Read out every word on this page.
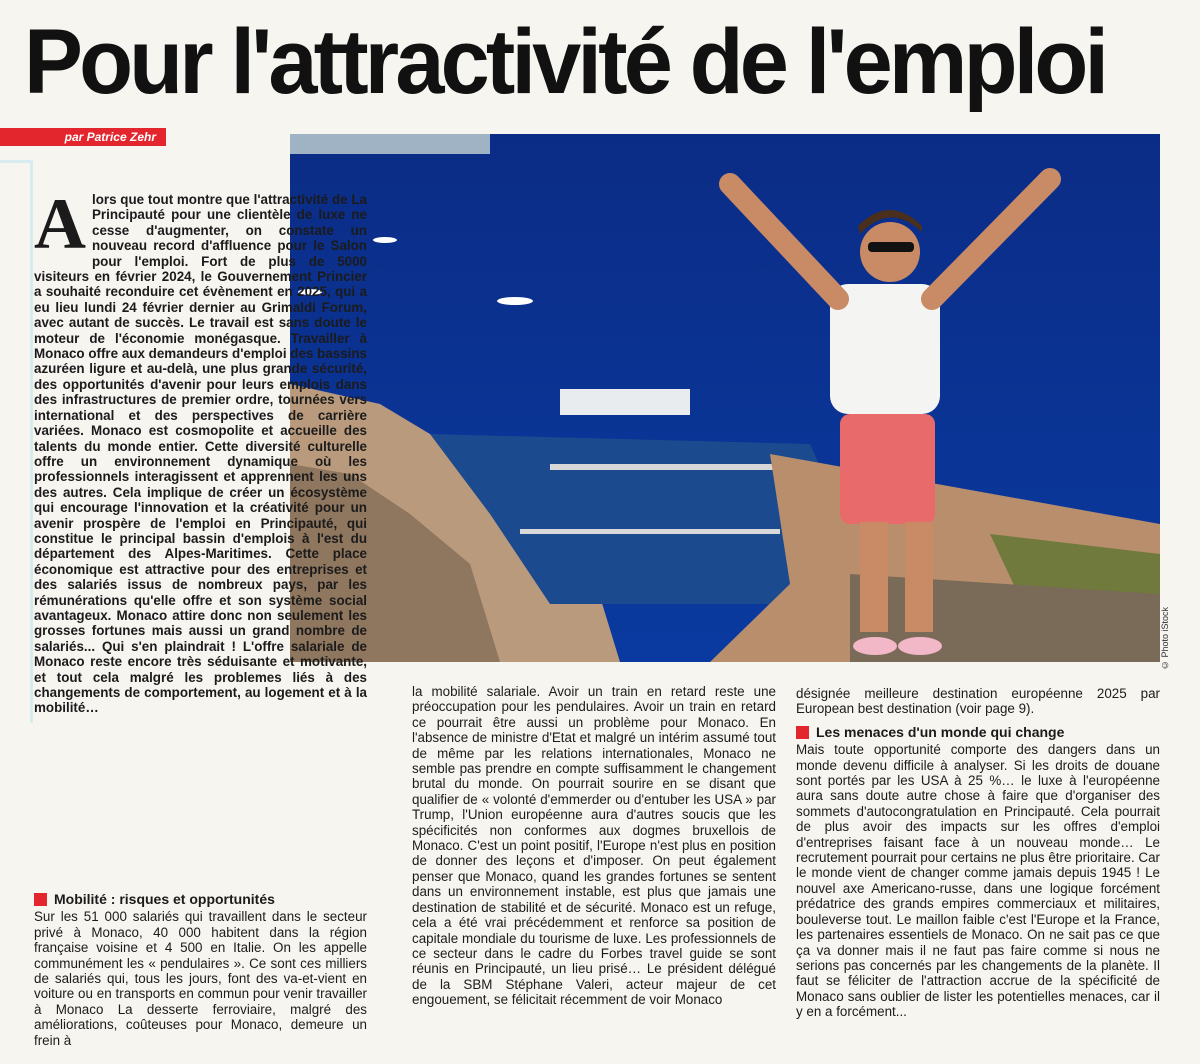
Pour l'attractivité de l'emploi
par Patrice Zehr
© Photo iStock
A lors que tout montre que l'attractivité de La Principauté pour une clientèle de luxe ne cesse d'augmenter, on constate un nouveau record d'affluence pour le Salon pour l'emploi. Fort de plus de 5000 visiteurs en février 2024, le Gouvernement Princier a souhaité reconduire cet évènement en 2025, qui a eu lieu lundi 24 février dernier au Grimaldi Forum, avec autant de succès. Le travail est sans doute le moteur de l'économie monégasque. Travailler à Monaco offre aux demandeurs d'emploi des bassins azuréen ligure et au-delà, une plus grande sécurité, des opportunités d'avenir pour leurs emplois dans des infrastructures de premier ordre, tournées vers international et des perspectives de carrière variées. Monaco est cosmopolite et accueille des talents du monde entier. Cette diversité culturelle offre un environnement dynamique où les professionnels interagissent et apprennent les uns des autres. Cela implique de créer un écosystème qui encourage l'innovation et la créativité pour un avenir prospère de l'emploi en Principauté, qui constitue le principal bassin d'emplois à l'est du département des Alpes-Maritimes. Cette place économique est attractive pour des entreprises et des salariés issus de nombreux pays, par les rémunérations qu'elle offre et son système social avantageux. Monaco attire donc non seulement les grosses fortunes mais aussi un grand nombre de salariés... Qui s'en plaindrait ! L'offre salariale de Monaco reste encore très séduisante et motivante, et tout cela malgré les problemes liés à des changements de comportement, au logement et à la mobilité…

Mobilité : risques et opportunités

Sur les 51 000 salariés qui travaillent dans le secteur privé à Monaco, 40 000 habitent dans la région française voisine et 4 500 en Italie. On les appelle communément les « pendulaires ». Ce sont ces milliers de salariés qui, tous les jours, font des va-et-vient en voiture ou en transports en commun pour venir travailler à Monaco La desserte ferroviaire, malgré des améliorations, coûteuses pour Monaco, demeure un frein à

la mobilité salariale. Avoir un train en retard reste une préoccupation pour les pendulaires. Avoir un train en retard ce pourrait être aussi un problème pour Monaco. En l'absence de ministre d'Etat et malgré un intérim assumé tout de même par les relations internationales, Monaco ne semble pas prendre en compte suffisamment le changement brutal du monde. On pourrait sourire en se disant que qualifier de « volonté d'emmerder ou d'entuber les USA » par Trump, l'Union européenne aura d'autres soucis que les spécificités non conformes aux dogmes bruxellois de Monaco. C'est un point positif, l'Europe n'est plus en position de donner des leçons et d'imposer. On peut également penser que Monaco, quand les grandes fortunes se sentent dans un environnement instable, est plus que jamais une destination de stabilité et de sécurité. Monaco est un refuge, cela a été vrai précédemment et renforce sa position de capitale mondiale du tourisme de luxe. Les professionnels de ce secteur dans le cadre du Forbes travel guide se sont réunis en Principauté, un lieu prisé… Le président délégué de la SBM Stéphane Valeri, acteur majeur de cet engouement, se félicitait récemment de voir Monaco

désignée meilleure destination européenne 2025 par European best destination (voir page 9).

Les menaces d'un monde qui change

Mais toute opportunité comporte des dangers dans un monde devenu difficile à analyser. Si les droits de douane sont portés par les USA à 25 %… le luxe à l'européenne aura sans doute autre chose à faire que d'organiser des sommets d'autocongratulation en Principauté. Cela pourrait de plus avoir des impacts sur les offres d'emploi d'entreprises faisant face à un nouveau monde… Le recrutement pourrait pour certains ne plus être prioritaire. Car le monde vient de changer comme jamais depuis 1945 ! Le nouvel axe Americano-russe, dans une logique forcément prédatrice des grands empires commerciaux et militaires, bouleverse tout. Le maillon faible c'est l'Europe et la France, les partenaires essentiels de Monaco. On ne sait pas ce que ça va donner mais il ne faut pas faire comme si nous ne serions pas concernés par les changements de la planète. Il faut se féliciter de l'attraction accrue de la spécificité de Monaco sans oublier de lister les potentielles menaces, car il y en a forcément...
